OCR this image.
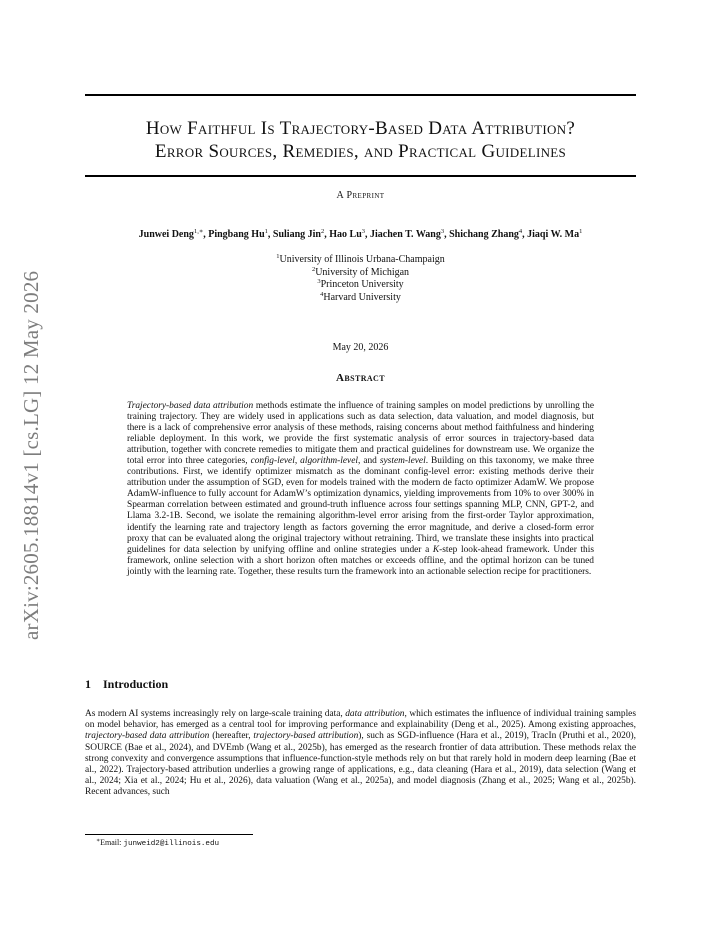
arXiv:2605.18814v1 [cs.LG] 12 May 2026
How Faithful Is Trajectory-Based Data Attribution?
Error Sources, Remedies, and Practical Guidelines
A Preprint
Junwei Deng$^{1,∗}$, Pingbang Hu$^1$, Suliang Jin$^2$, Hao Lu$^3$, Jiachen T. Wang$^3$, Shichang Zhang$^4$, Jiaqi W. Ma$^1$
$^1$University of Illinois Urbana-Champaign
$^2$University of Michigan
$^3$Princeton University
$^4$Harvard University
May 20, 2026
Abstract

Trajectory-based data attribution methods estimate the influence of training samples on model predictions by unrolling the training trajectory. They are widely used in applications such as data selection, data valuation, and model diagnosis, but there is a lack of comprehensive error analysis of these methods, raising concerns about method faithfulness and hindering reliable deployment. In this work, we provide the first systematic analysis of error sources in trajectory-based data attribution, together with concrete remedies to mitigate them and practical guidelines for downstream use. We organize the total error into three categories, config-level, algorithm-level, and system-level. Building on this taxonomy, we make three contributions. First, we identify optimizer mismatch as the dominant config-level error: existing methods derive their attribution under the assumption of SGD, even for models trained with the modern de facto optimizer AdamW. We propose AdamW-influence to fully account for AdamW’s optimization dynamics, yielding improvements from 10% to over 300% in Spearman correlation between estimated and ground-truth influence across four settings spanning MLP, CNN, GPT-2, and Llama 3.2-1B. Second, we isolate the remaining algorithm-level error arising from the first-order Taylor approximation, identify the learning rate and trajectory length as factors governing the error magnitude, and derive a closed-form error proxy that can be evaluated along the original trajectory without retraining. Third, we translate these insights into practical guidelines for data selection by unifying offline and online strategies under a K-step look-ahead framework. Under this framework, online selection with a short horizon often matches or exceeds offline, and the optimal horizon can be tuned jointly with the learning rate. Together, these results turn the framework into an actionable selection recipe for practitioners.

1 Introduction

As modern AI systems increasingly rely on large-scale training data, data attribution, which estimates the influence of individual training samples on model behavior, has emerged as a central tool for improving performance and explainability (Deng et al., 2025). Among existing approaches, trajectory-based data attribution (hereafter, trajectory-based attribution), such as SGD-influence (Hara et al., 2019), TracIn (Pruthi et al., 2020), SOURCE (Bae et al., 2024), and DVEmb (Wang et al., 2025b), has emerged as the research frontier of data attribution. These methods relax the strong convexity and convergence assumptions that influence-function-style methods rely on but that rarely hold in modern deep learning (Bae et al., 2022). Trajectory-based attribution underlies a growing range of applications, e.g., data cleaning (Hara et al., 2019), data selection (Wang et al., 2024; Xia et al., 2024; Hu et al., 2026), data valuation (Wang et al., 2025a), and model diagnosis (Zhang et al., 2025; Wang et al., 2025b). Recent advances, such

∗Email: junweid2@illinois.edu
